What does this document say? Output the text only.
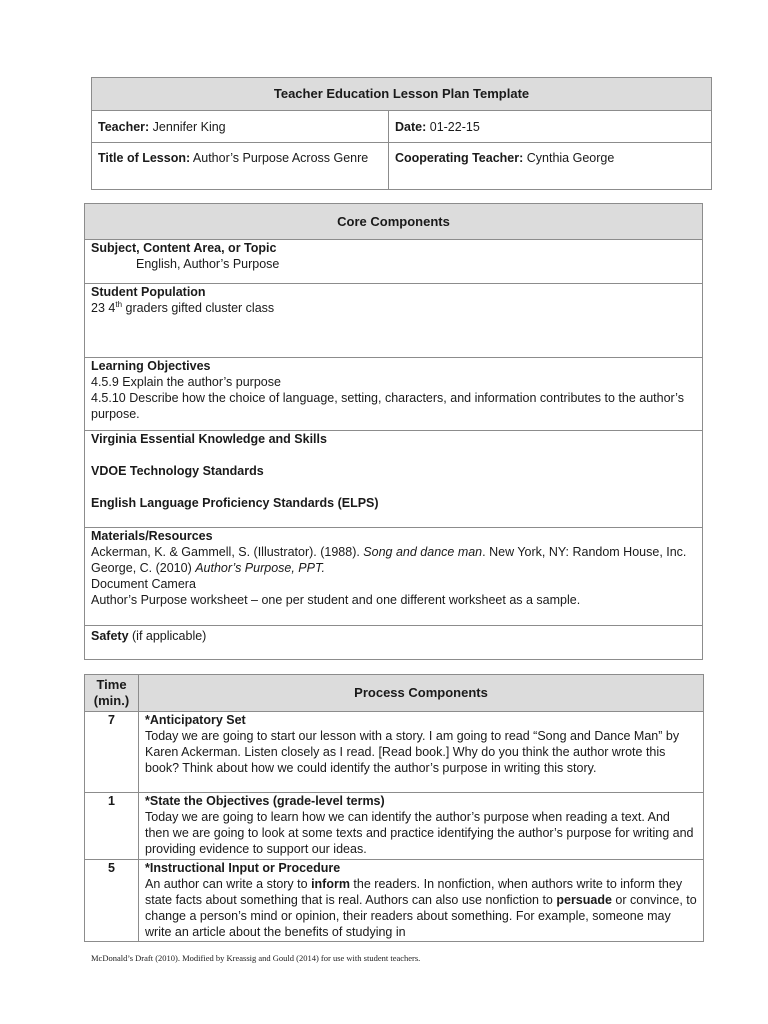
Teacher Education Lesson Plan Template	
Teacher: Jennifer King	Date: 01-22-15
Title of Lesson: Author’s Purpose Across Genre	Cooperating Teacher: Cynthia George
Core Components
Subject, Content Area, or Topic
English, Author’s Purpose

Student Population
23 4th graders gifted cluster class
Learning Objectives
4.5.9 Explain the author’s purpose
4.5.10 Describe how the choice of language, setting, characters, and information contributes to the author’s purpose.
Virginia Essential Knowledge and Skills

VDOE Technology Standards

English Language Proficiency Standards (ELPS)
Materials/Resources
Ackerman, K. & Gammell, S. (Illustrator). (1988). Song and dance man. New York, NY: Random House, Inc.
George, C. (2010) Author’s Purpose, PPT.
Document Camera
Author’s Purpose worksheet – one per student and one different worksheet as a sample.
Safety (if applicable)
Time (min.)	Process Components
7	*Anticipatory Set
Today we are going to start our lesson with a story. I am going to read “Song and Dance Man” by Karen Ackerman. Listen closely as I read. [Read book.] Why do you think the author wrote this book? Think about how we could identify the author’s purpose in writing this story.
1	*State the Objectives (grade-level terms)
Today we are going to learn how we can identify the author’s purpose when reading a text. And then we are going to look at some texts and practice identifying the author’s purpose for writing and providing evidence to support our ideas.
5	*Instructional Input or Procedure
An author can write a story to inform the readers. In nonfiction, when authors write to inform they state facts about something that is real. Authors can also use nonfiction to persuade or convince, to change a person’s mind or opinion, their readers about something. For example, someone may write an article about the benefits of studying in
McDonald’s Draft (2010). Modified by Kreassig and Gould (2014) for use with student teachers.
